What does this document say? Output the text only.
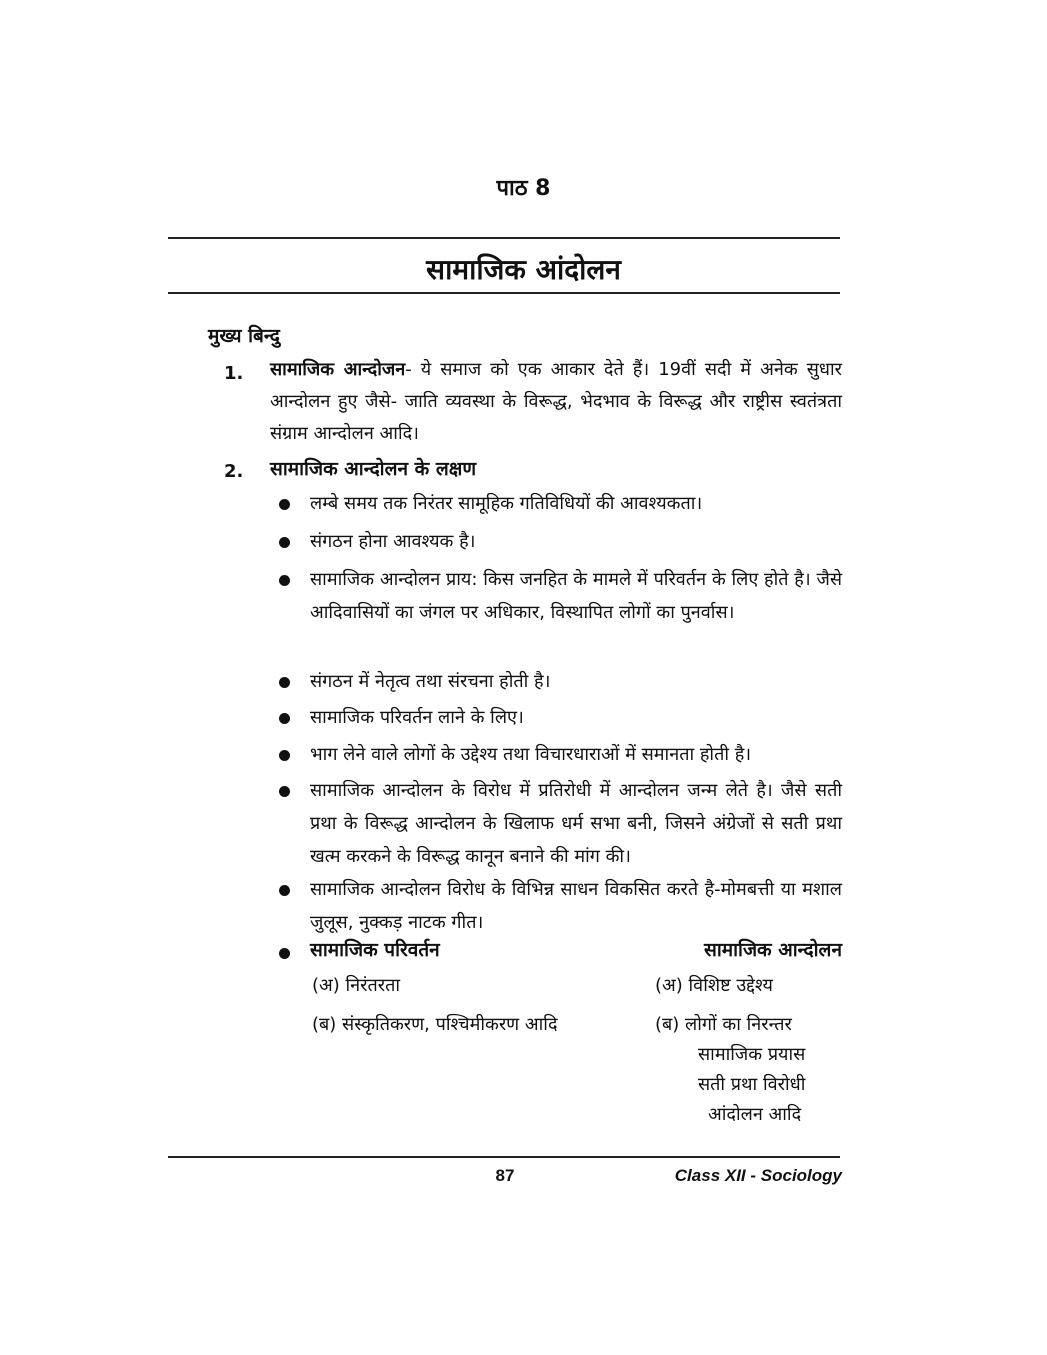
पाठ 8
सामाजिक आंदोलन
मुख्य बिन्दु
1. सामाजिक आन्दोजन- ये समाज को एक आकार देते हैं। 19वीं सदी में अनेक सुधार आन्दोलन हुए जैसे- जाति व्यवस्था के विरूद्ध, भेदभाव के विरूद्ध और राष्ट्रीस स्वतंत्रता संग्राम आन्दोलन आदि।
2. सामाजिक आन्दोलन के लक्षण
लम्बे समय तक निरंतर सामूहिक गतिविधियों की आवश्यकता।
संगठन होना आवश्यक है।
सामाजिक आन्दोलन प्राय: किस जनहित के मामले में परिवर्तन के लिए होते है। जैसे आदिवासियों का जंगल पर अधिकार, विस्थापित लोगों का पुनर्वास।
संगठन में नेतृत्व तथा संरचना होती है।
सामाजिक परिवर्तन लाने के लिए।
भाग लेने वाले लोगों के उद्देश्य तथा विचारधाराओं में समानता होती है।
सामाजिक आन्दोलन के विरोध में प्रतिरोधी में आन्दोलन जन्म लेते है। जैसे सती प्रथा के विरूद्ध आन्दोलन के खिलाफ धर्म सभा बनी, जिसने अंग्रेजों से सती प्रथा खत्म करकने के विरूद्ध कानून बनाने की मांग की।
सामाजिक आन्दोलन विरोध के विभिन्न साधन विकसित करते है-मोमबत्ती या मशाल जुलूस, नुक्कड़ नाटक गीत।
सामाजिक परिवर्तन	सामाजिक आन्दोलन
(अ) निरंतरता
(ब) संस्कृतिकरण, पश्चिमीकरण आदि
(अ) विशिष्ट उद्देश्य
(ब) लोगों का निरन्तर
सामाजिक प्रयास
सती प्रथा विरोधी
आंदोलन आदि
87	Class XII - Sociology
